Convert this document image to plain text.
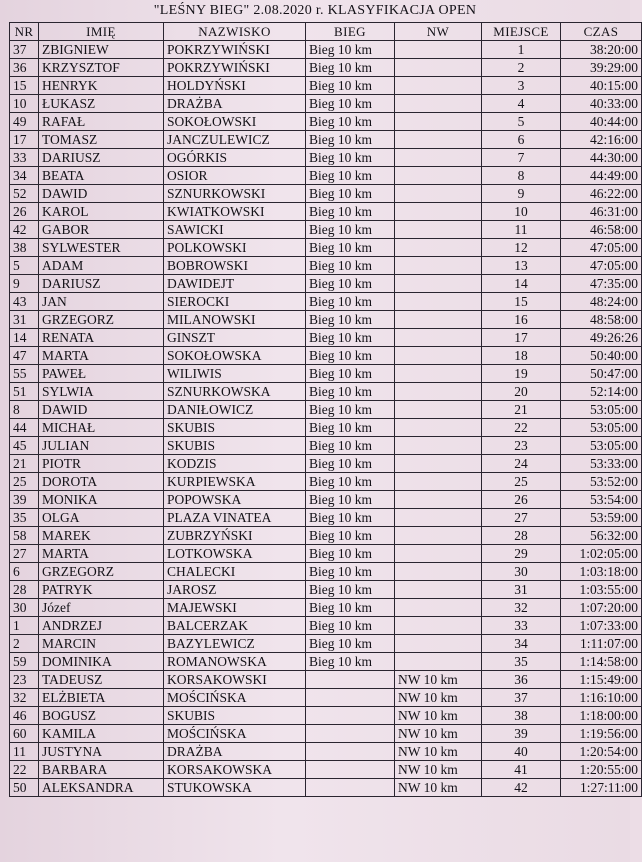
"LEŚNY BIEG" 2.08.2020 r. KLASYFIKACJA OPEN
NR	IMIĘ	NAZWISKO	BIEG	NW	MIEJSCE	CZAS
37	ZBIGNIEW	POKRZYWIŃSKI	Bieg 10 km		1	38:20:00
36	KRZYSZTOF	POKRZYWIŃSKI	Bieg 10 km		2	39:29:00
15	HENRYK	HOLDYŃSKI	Bieg 10 km		3	40:15:00
10	ŁUKASZ	DRAŻBA	Bieg 10 km		4	40:33:00
49	RAFAŁ	SOKOŁOWSKI	Bieg 10 km		5	40:44:00
17	TOMASZ	JANCZULEWICZ	Bieg 10 km		6	42:16:00
33	DARIUSZ	OGÓRKIS	Bieg 10 km		7	44:30:00
34	BEATA	OSIOR	Bieg 10 km		8	44:49:00
52	DAWID	SZNURKOWSKI	Bieg 10 km		9	46:22:00
26	KAROL	KWIATKOWSKI	Bieg 10 km		10	46:31:00
42	GABOR	SAWICKI	Bieg 10 km		11	46:58:00
38	SYLWESTER	POLKOWSKI	Bieg 10 km		12	47:05:00
5	ADAM	BOBROWSKI	Bieg 10 km		13	47:05:00
9	DARIUSZ	DAWIDEJT	Bieg 10 km		14	47:35:00
43	JAN	SIEROCKI	Bieg 10 km		15	48:24:00
31	GRZEGORZ	MILANOWSKI	Bieg 10 km		16	48:58:00
14	RENATA	GINSZT	Bieg 10 km		17	49:26:26
47	MARTA	SOKOŁOWSKA	Bieg 10 km		18	50:40:00
55	PAWEŁ	WILIWIS	Bieg 10 km		19	50:47:00
51	SYLWIA	SZNURKOWSKA	Bieg 10 km		20	52:14:00
8	DAWID	DANIŁOWICZ	Bieg 10 km		21	53:05:00
44	MICHAŁ	SKUBIS	Bieg 10 km		22	53:05:00
45	JULIAN	SKUBIS	Bieg 10 km		23	53:05:00
21	PIOTR	KODZIS	Bieg 10 km		24	53:33:00
25	DOROTA	KURPIEWSKA	Bieg 10 km		25	53:52:00
39	MONIKA	POPOWSKA	Bieg 10 km		26	53:54:00
35	OLGA	PLAZA VINATEA	Bieg 10 km		27	53:59:00
58	MAREK	ZUBRZYŃSKI	Bieg 10 km		28	56:32:00
27	MARTA	LOTKOWSKA	Bieg 10 km		29	1:02:05:00
6	GRZEGORZ	CHALECKI	Bieg 10 km		30	1:03:18:00
28	PATRYK	JAROSZ	Bieg 10 km		31	1:03:55:00
30	Józef	MAJEWSKI	Bieg 10 km		32	1:07:20:00
1	ANDRZEJ	BALCERZAK	Bieg 10 km		33	1:07:33:00
2	MARCIN	BAZYLEWICZ	Bieg 10 km		34	1:11:07:00
59	DOMINIKA	ROMANOWSKA	Bieg 10 km		35	1:14:58:00
23	TADEUSZ	KORSAKOWSKI		NW 10 km	36	1:15:49:00
32	ELŻBIETA	MOŚCIŃSKA		NW 10 km	37	1:16:10:00
46	BOGUSZ	SKUBIS		NW 10 km	38	1:18:00:00
60	KAMILA	MOŚCIŃSKA		NW 10 km	39	1:19:56:00
11	JUSTYNA	DRAŻBA		NW 10 km	40	1:20:54:00
22	BARBARA	KORSAKOWSKA		NW 10 km	41	1:20:55:00
50	ALEKSANDRA	STUKOWSKA		NW 10 km	42	1:27:11:00
